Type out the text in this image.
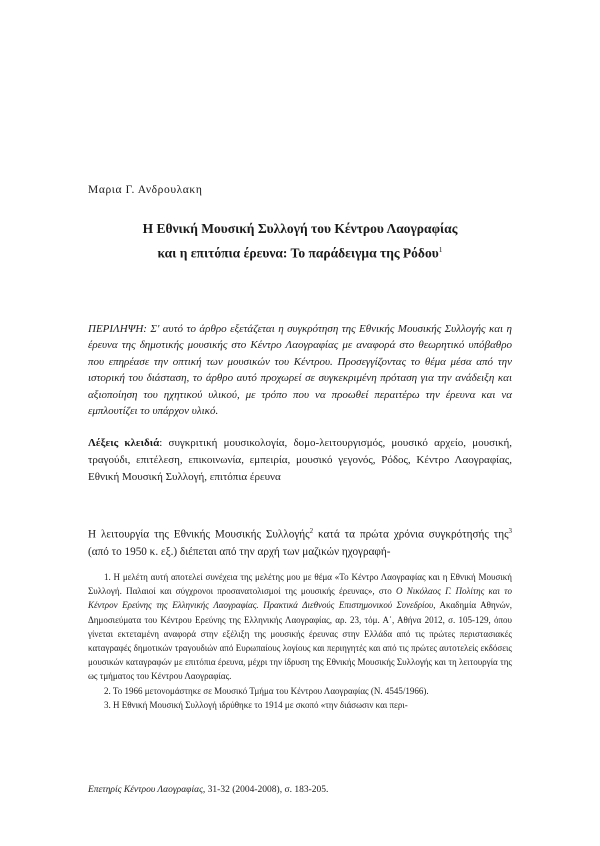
Μαρια Γ. Ανδρουλακη
Η Εθνική Μουσική Συλλογή του Κέντρου Λαογραφίας
και η επιτόπια έρευνα: Το παράδειγμα της Ρόδου$^1$
ΠΕΡΙΛΗΨΗ: Σ' αυτό το άρθρο εξετάζεται η συγκρότηση της Εθνικής Μουσικής Συλλογής και η έρευνα της δημοτικής μουσικής στο Κέντρο Λαογραφίας με αναφορά στο θεωρητικό υπόβαθρο που επηρέασε την οπτική των μουσικών του Κέντρου. Προσεγγίζοντας το θέμα μέσα από την ιστορική του διάσταση, το άρθρο αυτό προχωρεί σε συγκεκριμένη πρόταση για την ανάδειξη και αξιοποίηση του ηχητικού υλικού, με τρόπο που να προωθεί περαιτέρω την έρευνα και να εμπλουτίζει το υπάρχον υλικό.
Λέξεις κλειδιά: συγκριτική μουσικολογία, δομο-λειτουργισμός, μουσικό αρχείο, μουσική, τραγούδι, επιτέλεση, επικοινωνία, εμπειρία, μουσικό γεγονός, Ρόδος, Κέντρο Λαογραφίας, Εθνική Μουσική Συλλογή, επιτόπια έρευνα
Η λειτουργία της Εθνικής Μουσικής Συλλογής$^2$ κατά τα πρώτα χρόνια συγκρότησής της$^3$ (από το 1950 κ. εξ.) διέπεται από την αρχή των μαζικών ηχογραφή-

1. Η μελέτη αυτή αποτελεί συνέχεια της μελέτης μου με θέμα «Το Κέντρο Λαογραφίας και η Εθνική Μουσική Συλλογή. Παλαιοί και σύγχρονοι προσανατολισμοί της μουσικής έρευνας», στο Ο Νικόλαος Γ. Πολίτης και το Κέντρον Ερεύνης της Ελληνικής Λαογραφίας. Πρακτικά Διεθνούς Επιστημονικού Συνεδρίου, Ακαδημία Αθηνών, Δημοσιεύματα του Κέντρου Ερεύνης της Ελληνικής Λαογραφίας, αρ. 23, τόμ. Α΄, Αθήνα 2012, σ. 105-129, όπου γίνεται εκτεταμένη αναφορά στην εξέλιξη της μουσικής έρευνας στην Ελλάδα από τις πρώτες περιστασιακές καταγραφές δημοτικών τραγουδιών από Ευρωπαίους λογίους και περιηγητές και από τις πρώτες αυτοτελείς εκδόσεις μουσικών καταγραφών με επιτόπια έρευνα, μέχρι την ίδρυση της Εθνικής Μουσικής Συλλογής και τη λειτουργία της ως τμήματος του Κέντρου Λαογραφίας.

2. Το 1966 μετονομάστηκε σε Μουσικό Τμήμα του Κέντρου Λαογραφίας (Ν. 4545/1966).

3. Η Εθνική Μουσική Συλλογή ιδρύθηκε το 1914 με σκοπό «την διάσωσιν και περι-

Επετηρίς Κέντρου Λαογραφίας, 31-32 (2004-2008), σ. 183-205.
